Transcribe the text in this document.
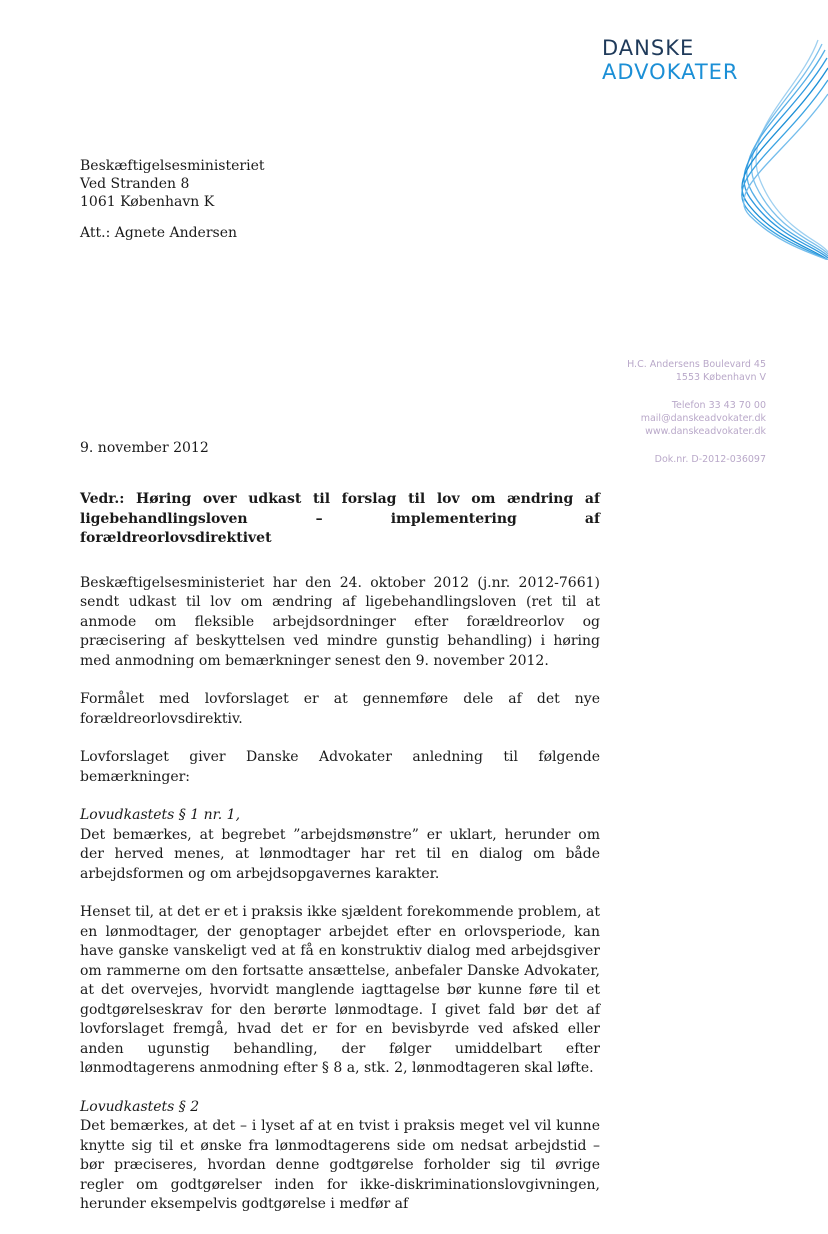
DANSKE
ADVOKATER
Beskæftigelsesministeriet
Ved Stranden 8
1061 København K
Att.: Agnete Andersen
H.C. Andersens Boulevard 45
1553 København V
Telefon 33 43 70 00
mail@danskeadvokater.dk
www.danskeadvokater.dk
Dok.nr. D-2012-036097
9. november 2012
Vedr.: Høring over udkast til forslag til lov om ændring af ligebehandlingsloven – implementering af forældreorlovsdirektivet

Beskæftigelsesministeriet har den 24. oktober 2012 (j.nr. 2012-7661) sendt udkast til lov om ændring af ligebehandlingsloven (ret til at anmode om fleksible arbejdsordninger efter forældreorlov og præcisering af beskyttelsen ved mindre gunstig behandling) i høring med anmodning om bemærkninger senest den 9. november 2012.

Formålet med lovforslaget er at gennemføre dele af det nye forældreorlovsdirektiv.

Lovforslaget giver Danske Advokater anledning til følgende bemærkninger:

Lovudkastets § 1 nr. 1,
Det bemærkes, at begrebet ”arbejdsmønstre” er uklart, herunder om der herved menes, at lønmodtager har ret til en dialog om både arbejdsformen og om arbejdsopgavernes karakter.

Henset til, at det er et i praksis ikke sjældent forekommende problem, at en lønmodtager, der genoptager arbejdet efter en orlovsperiode, kan have ganske vanskeligt ved at få en konstruktiv dialog med arbejdsgiver om rammerne om den fortsatte ansættelse, anbefaler Danske Advokater, at det overvejes, hvorvidt manglende iagttagelse bør kunne føre til et godtgørelseskrav for den berørte lønmodtage. I givet fald bør det af lovforslaget fremgå, hvad det er for en bevisbyrde ved afsked eller anden ugunstig behandling, der følger umiddelbart efter lønmodtagerens anmodning efter § 8 a, stk. 2, lønmodtageren skal løfte.

Lovudkastets § 2
Det bemærkes, at det – i lyset af at en tvist i praksis meget vel vil kunne knytte sig til et ønske fra lønmodtagerens side om nedsat arbejdstid – bør præciseres, hvordan denne godtgørelse forholder sig til øvrige regler om godtgørelser inden for ikke-diskriminationslovgivningen, herunder eksempelvis godtgørelse i medfør af
